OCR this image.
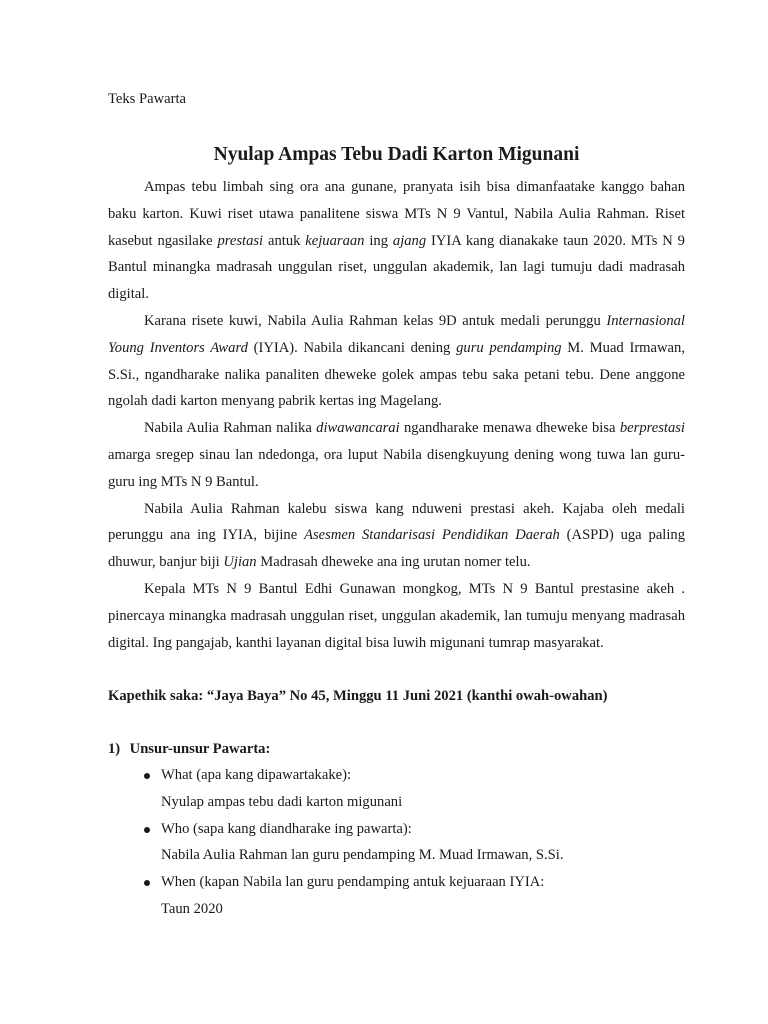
Teks Pawarta
Nyulap Ampas Tebu Dadi Karton Migunani

Ampas tebu limbah sing ora ana gunane, pranyata isih bisa dimanfaatake kanggo bahan baku karton. Kuwi riset utawa panalitene siswa MTs N 9 Vantul, Nabila Aulia Rahman. Riset kasebut ngasilake prestasi antuk kejuaraan ing ajang IYIA kang dianakake taun 2020. MTs N 9 Bantul minangka madrasah unggulan riset, unggulan akademik, lan lagi tumuju dadi madrasah digital.

Karana risete kuwi, Nabila Aulia Rahman kelas 9D antuk medali perunggu Internasional Young Inventors Award (IYIA). Nabila dikancani dening guru pendamping M. Muad Irmawan, S.Si., ngandharake nalika panaliten dheweke golek ampas tebu saka petani tebu. Dene anggone ngolah dadi karton menyang pabrik kertas ing Magelang.

Nabila Aulia Rahman nalika diwawancarai ngandharake menawa dheweke bisa berprestasi amarga sregep sinau lan ndedonga, ora luput Nabila disengkuyung dening wong tuwa lan guru-guru ing MTs N 9 Bantul.

Nabila Aulia Rahman kalebu siswa kang nduweni prestasi akeh. Kajaba oleh medali perunggu ana ing IYIA, bijine Asesmen Standarisasi Pendidikan Daerah (ASPD) uga paling dhuwur, banjur biji Ujian Madrasah dheweke ana ing urutan nomer telu.

Kepala MTs N 9 Bantul Edhi Gunawan mongkog, MTs N 9 Bantul prestasine akeh . pinercaya minangka madrasah unggulan riset, unggulan akademik, lan tumuju menyang madrasah digital. Ing pangajab, kanthi layanan digital bisa luwih migunani tumrap masyarakat.

Kapethik saka: “Jaya Baya” No 45, Minggu 11 Juni 2021 (kanthi owah-owahan)
1) Unsur-unsur Pawarta:
What (apa kang dipawartakake):
Nyulap ampas tebu dadi karton migunani
Who (sapa kang diandharake ing pawarta):
Nabila Aulia Rahman lan guru pendamping M. Muad Irmawan, S.Si.
When (kapan Nabila lan guru pendamping antuk kejuaraan IYIA:
Taun 2020
